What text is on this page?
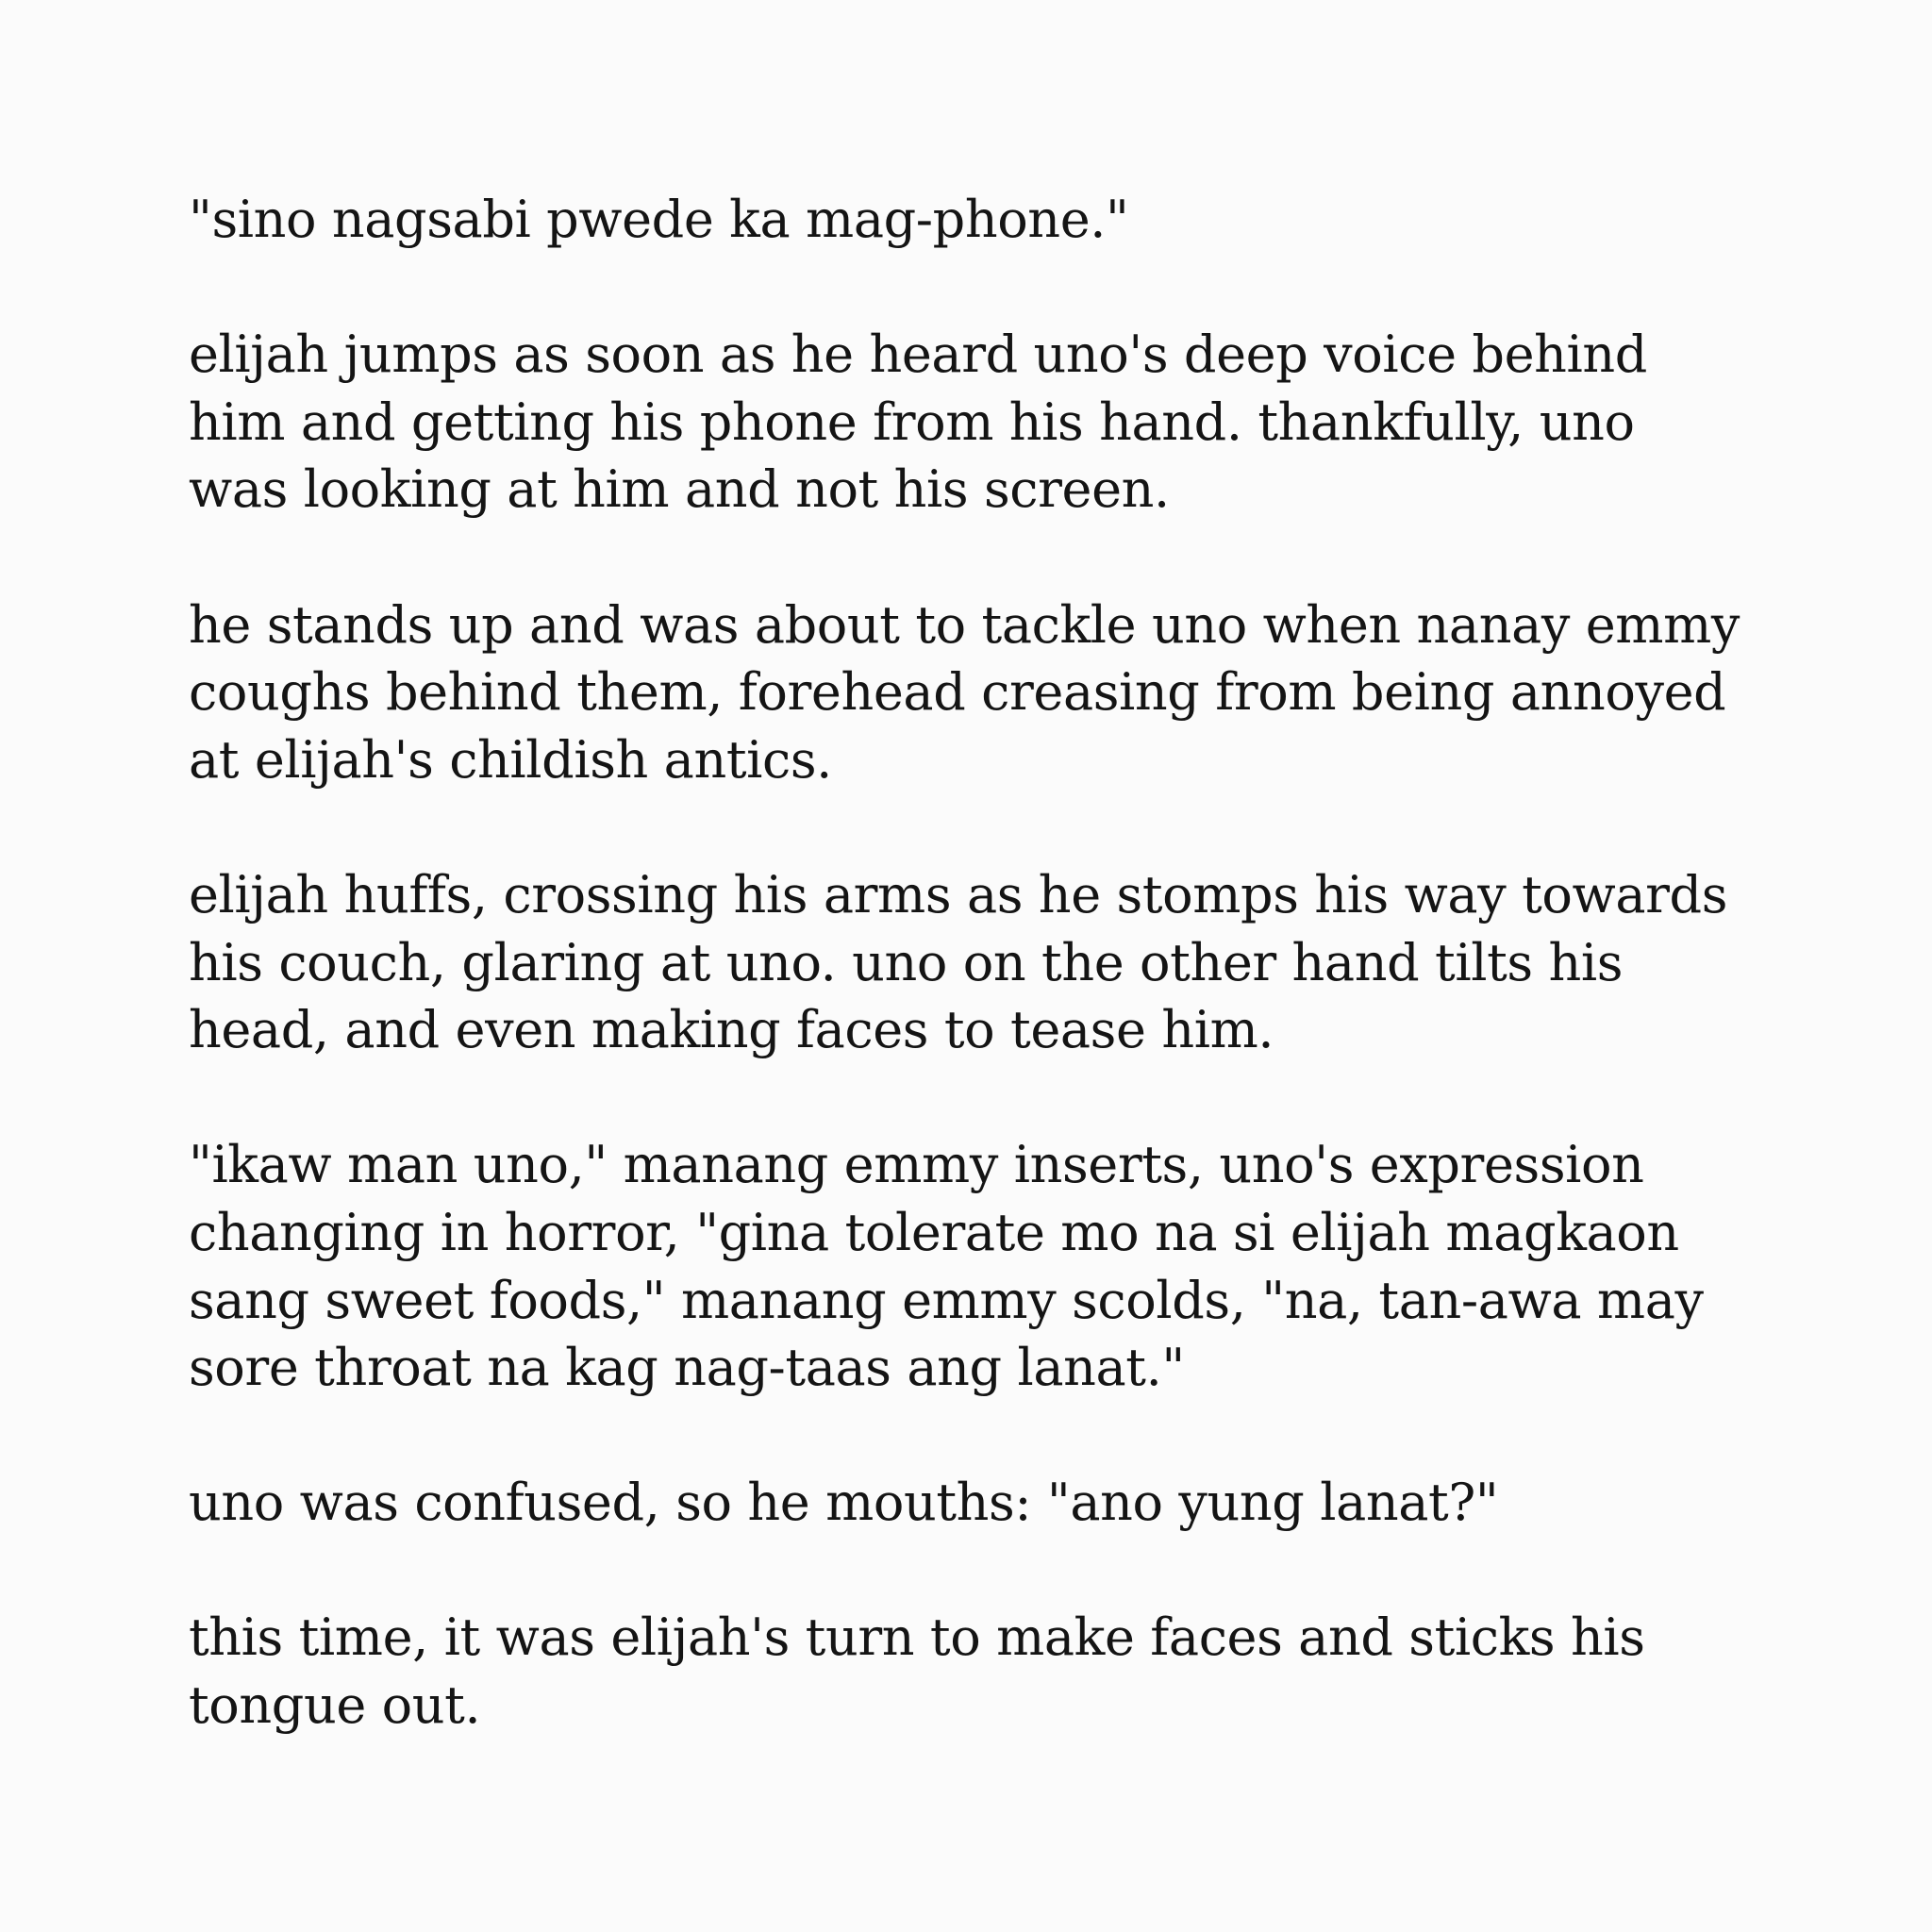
"sino nagsabi pwede ka mag-phone."

elijah jumps as soon as he heard uno's deep voice behind
him and getting his phone from his hand. thankfully, uno
was looking at him and not his screen.

he stands up and was about to tackle uno when nanay emmy
coughs behind them, forehead creasing from being annoyed
at elijah's childish antics.

elijah huffs, crossing his arms as he stomps his way towards
his couch, glaring at uno. uno on the other hand tilts his
head, and even making faces to tease him.

"ikaw man uno," manang emmy inserts, uno's expression
changing in horror, "gina tolerate mo na si elijah magkaon
sang sweet foods," manang emmy scolds, "na, tan-awa may
sore throat na kag nag-taas ang lanat."

uno was confused, so he mouths: "ano yung lanat?"

this time, it was elijah's turn to make faces and sticks his
tongue out.
